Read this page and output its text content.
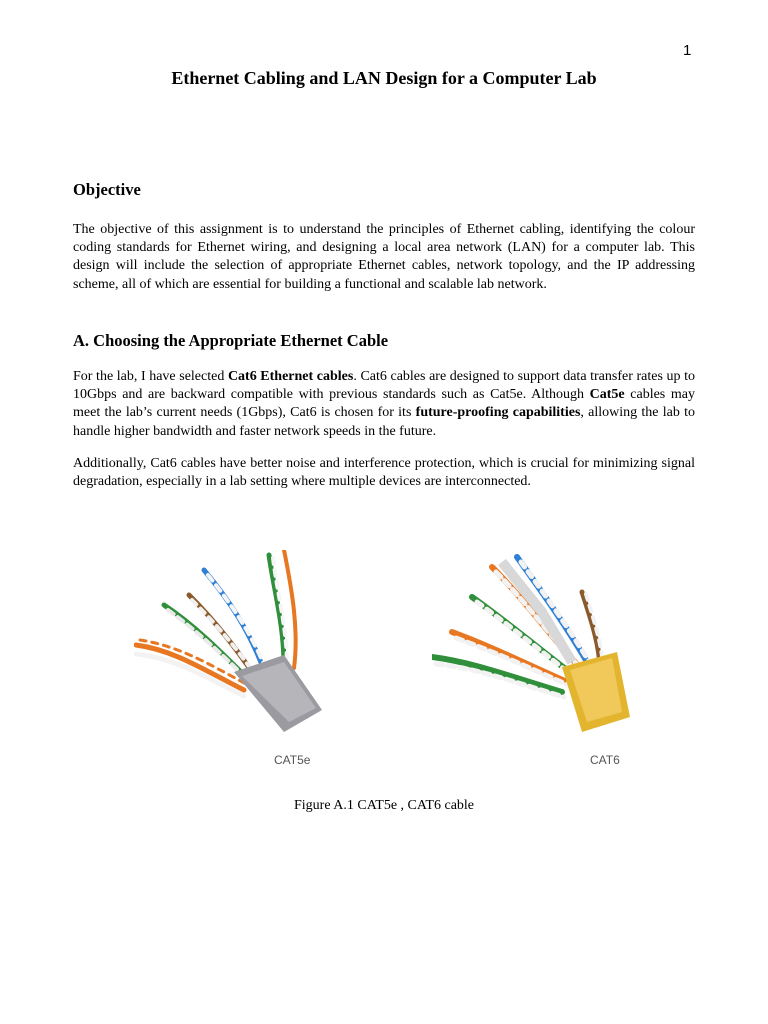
1
Ethernet Cabling and LAN Design for a Computer Lab
Objective

The objective of this assignment is to understand the principles of Ethernet cabling, identifying the colour coding standards for Ethernet wiring, and designing a local area network (LAN) for a computer lab. This design will include the selection of appropriate Ethernet cables, network topology, and the IP addressing scheme, all of which are essential for building a functional and scalable lab network.

A. Choosing the Appropriate Ethernet Cable

For the lab, I have selected Cat6 Ethernet cables. Cat6 cables are designed to support data transfer rates up to 10Gbps and are backward compatible with previous standards such as Cat5e. Although Cat5e cables may meet the lab’s current needs (1Gbps), Cat6 is chosen for its future-proofing capabilities, allowing the lab to handle higher bandwidth and faster network speeds in the future.

Additionally, Cat6 cables have better noise and interference protection, which is crucial for minimizing signal degradation, especially in a lab setting where multiple devices are interconnected.

CAT5e	CAT6
Figure A.1 CAT5e , CAT6 cable
